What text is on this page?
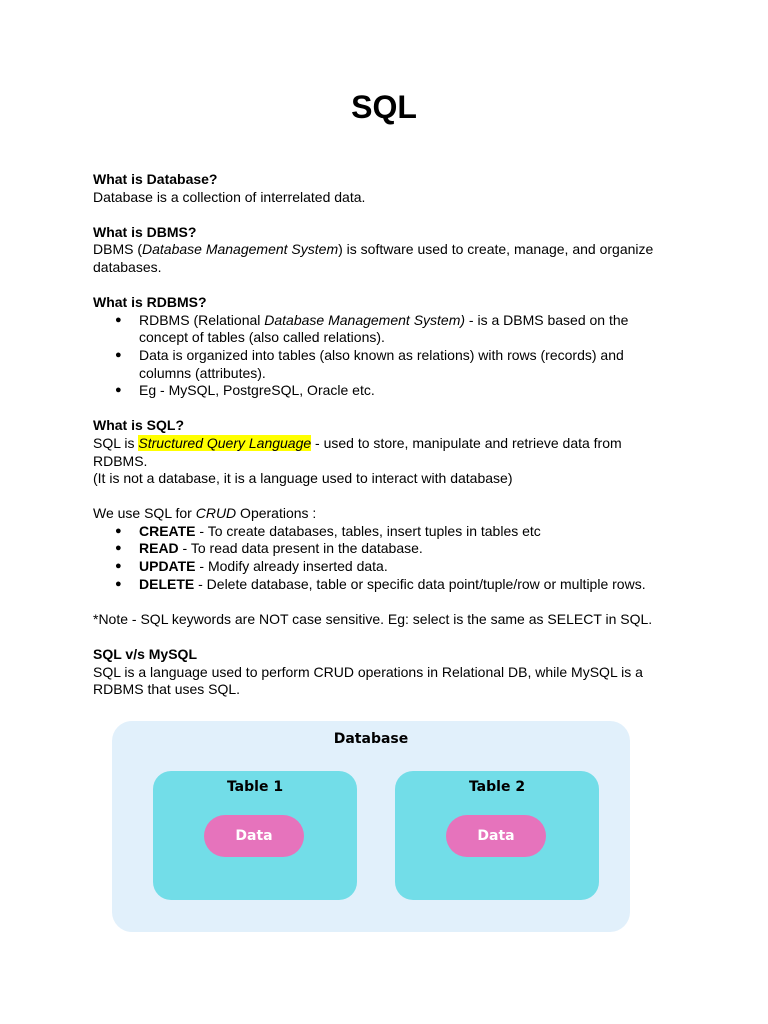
SQL
What is Database?

Database is a collection of interrelated data.

What is DBMS?

DBMS (Database Management System) is software used to create, manage, and organize databases.

What is RDBMS?
● RDBMS (Relational Database Management System) - is a DBMS based on the concept of tables (also called relations).
● Data is organized into tables (also known as relations) with rows (records) and columns (attributes).
● Eg - MySQL, PostgreSQL, Oracle etc.
What is SQL?

SQL is Structured Query Language - used to store, manipulate and retrieve data from RDBMS.

(It is not a database, it is a language used to interact with database)

We use SQL for CRUD Operations :

● CREATE - To create databases, tables, insert tuples in tables etc
● READ - To read data present in the database.
● UPDATE - Modify already inserted data.
● DELETE - Delete database, table or specific data point/tuple/row or multiple rows.

*Note - SQL keywords are NOT case sensitive. Eg: select is the same as SELECT in SQL.

SQL v/s MySQL

SQL is a language used to perform CRUD operations in Relational DB, while MySQL is a RDBMS that uses SQL.

Database
Table 1
Data
Table 2
Data
